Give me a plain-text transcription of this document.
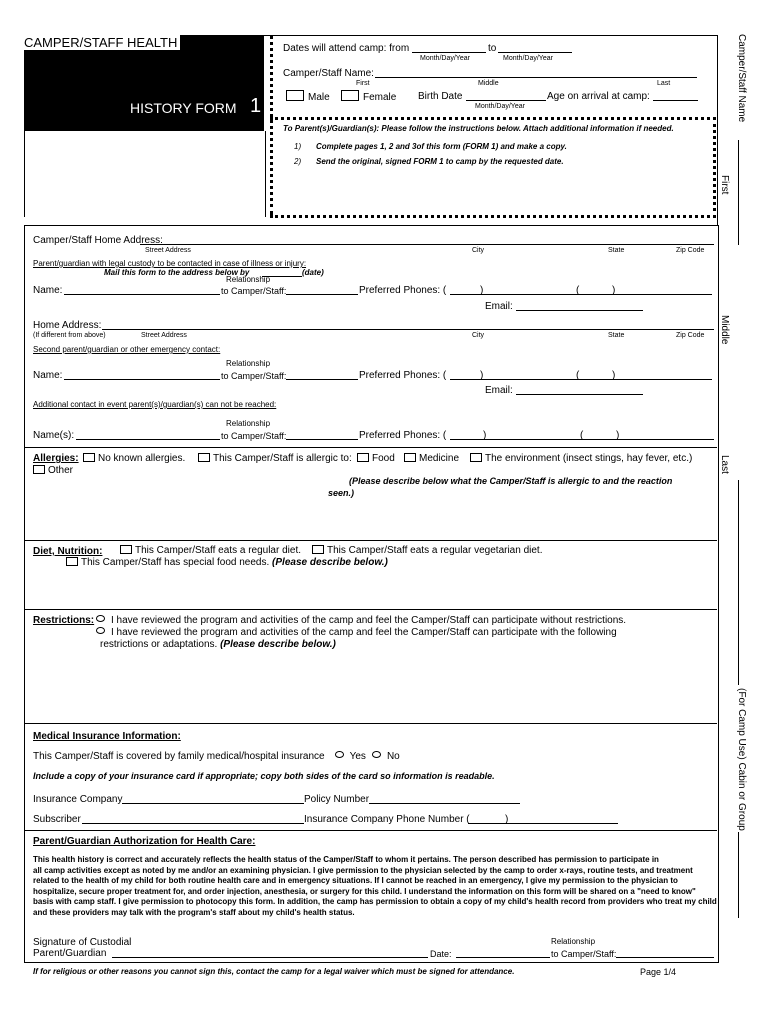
CAMPER/STAFF HEALTH
HISTORY FORM 1
Dates will attend camp: from	to
Month/Day/Year	Month/Day/Year
Camper/Staff Name:
First	Middle	Last
Male	Female Birth Date	Age on arrival at camp:
Month/Day/Year
To Parent(s)/Guardian(s): Please follow the instructions below. Attach additional information if needed.
1) Complete pages 1, 2 and 3of this form (FORM 1) and make a copy.
2) Send the original, signed FORM 1 to camp by the requested date.
Camper/Staff Home Address:
Street Address	City	State	Zip Code
Parent/guardian with legal custody to be contacted in case of illness or injury:
Mail this form to the address below by	(date)
Relationship
Name:	to Camper/Staff:	Preferred Phones: (	)	(	)
Email:
Home Address:
(If different from above)	Street Address	City	State	Zip Code
Second parent/guardian or other emergency contact:
Relationship
Name:	to Camper/Staff:	Preferred Phones: (	)	(	)
Email:
Additional contact in event parent(s)/guardian(s) can not be reached:
Relationship
Name(s):	to Camper/Staff:	Preferred Phones: (	)	(	)
Allergies:	No known allergies.	This Camper/Staff is allergic to:	Food	Medicine	The environment (insect stings, hay fever, etc.)
Other
(Please describe below what the Camper/Staff is allergic to and the reaction
seen.)
Diet, Nutrition:	This Camper/Staff eats a regular diet.	This Camper/Staff eats a regular vegetarian diet.
This Camper/Staff has special food needs. (Please describe below.)
Restrictions:	I have reviewed the program and activities of the camp and feel the Camper/Staff can participate without restrictions.
I have reviewed the program and activities of the camp and feel the Camper/Staff can participate with the following
restrictions or adaptations. (Please describe below.)
Medical Insurance Information:
This Camper/Staff is covered by family medical/hospital insurance	Yes No
Include a copy of your insurance card if appropriate; copy both sides of the card so information is readable.
Insurance Company	Policy Number
Subscriber	Insurance Company Phone Number (	)
Parent/Guardian Authorization for Health Care:
This health history is correct and accurately reflects the health status of the Camper/Staff to whom it pertains. The person described has permission to participate in
all camp activities except as noted by me and/or an examining physician. I give permission to the physician selected by the camp to order x-rays, routine tests, and treatment related to the health of my child for both routine health care and in emergency situations. If I cannot be reached in an emergency, I give my permission to the physician to hospitalize, secure proper treatment for, and order injection, anesthesia, or surgery for this child. I understand the information on this form will be shared on a "need to know" basis with camp staff. I give permission to photocopy this form. In addition, the camp has permission to obtain a copy of my child's health record from providers who treat my child and these providers may talk with the program's staff about my child's health status.
Signature of Custodial
Parent/Guardian	Date:
Relationship
to Camper/Staff:
If for religious or other reasons you cannot sign this, contact the camp for a legal waiver which must be signed for attendance.	Page 1/4
Camper/Staff Name
First
Middle
Last
(For Camp Use) Cabin or Group
